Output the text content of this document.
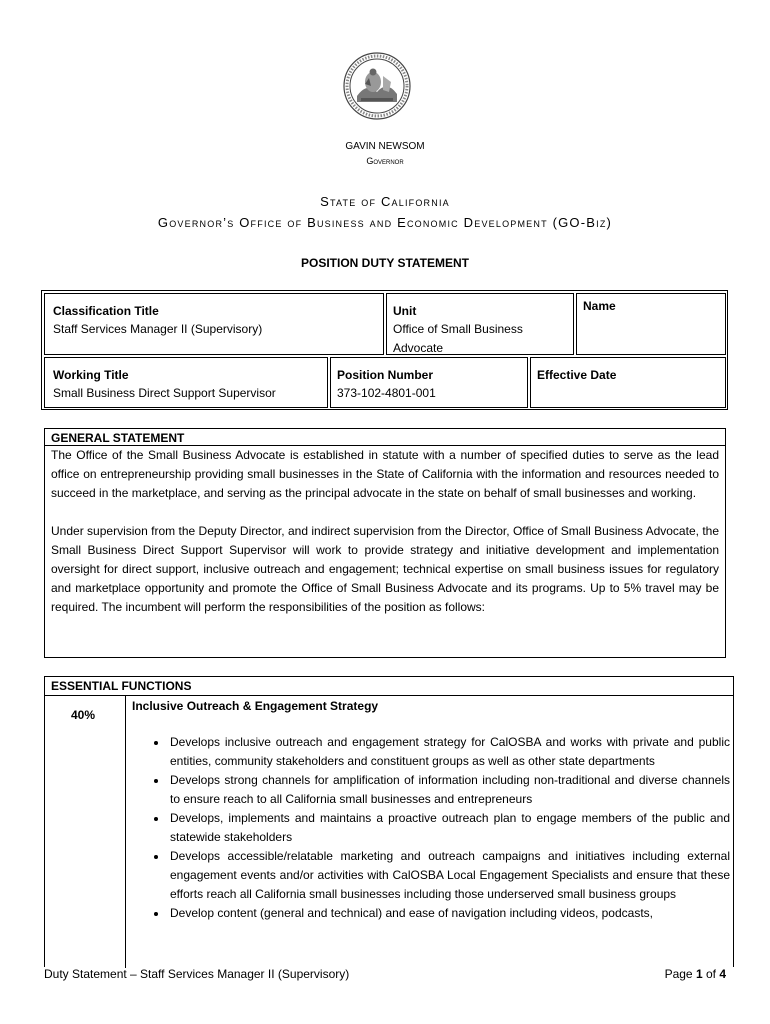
GAVIN NEWSOM
Governor
State of California
Governor’s Office of Business and Economic Development (GO-Biz)
POSITION DUTY STATEMENT
Classification Title
Staff Services Manager II (Supervisory)
Unit
Office of Small Business
Advocate
Name
Working Title
Small Business Direct Support Supervisor
Position Number
373-102-4801-001
Effective Date
GENERAL STATEMENT
The Office of the Small Business Advocate is established in statute with a number of specified duties to serve as the lead office on entrepreneurship providing small businesses in the State of California with the information and resources needed to succeed in the marketplace, and serving as the principal advocate in the state on behalf of small businesses and working.
Under supervision from the Deputy Director, and indirect supervision from the Director, Office of Small Business Advocate, the Small Business Direct Support Supervisor will work to provide strategy and initiative development and implementation oversight for direct support, inclusive outreach and engagement; technical expertise on small business issues for regulatory and marketplace opportunity and promote the Office of Small Business Advocate and its programs. Up to 5% travel may be required. The incumbent will perform the responsibilities of the position as follows:
ESSENTIAL FUNCTIONS
40%
Inclusive Outreach & Engagement Strategy
• Develops inclusive outreach and engagement strategy for CalOSBA and works with private and public entities, community stakeholders and constituent groups as well as other state departments
• Develops strong channels for amplification of information including non-traditional and diverse channels to ensure reach to all California small businesses and entrepreneurs
• Develops, implements and maintains a proactive outreach plan to engage members of the public and statewide stakeholders
• Develops accessible/relatable marketing and outreach campaigns and initiatives including external engagement events and/or activities with CalOSBA Local Engagement Specialists and ensure that these efforts reach all California small businesses including those underserved small business groups
• Develop content (general and technical) and ease of navigation including videos, podcasts,
Duty Statement – Staff Services Manager II (Supervisory)	Page 1 of 4
